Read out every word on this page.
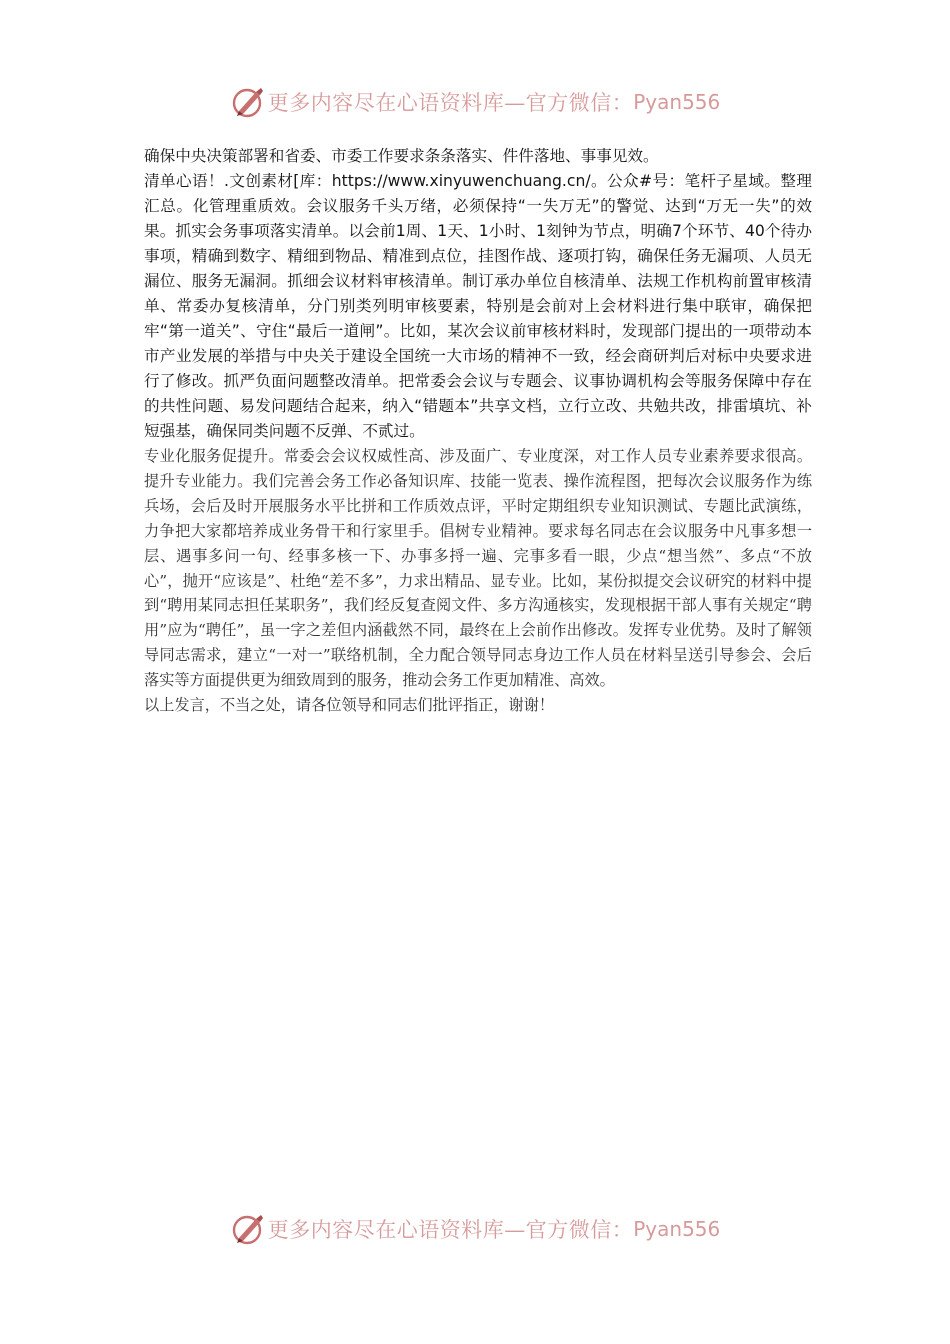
更多内容尽在心语资料库—官方微信： Pyan556

确保中央决策部署和省委、市委工作要求条条落实、件件落地、事事见效。

清单心语！.文创素材[库：https://www.xinyuwenchuang.cn/。公众#号：笔杆子星域。整理汇总。化管理重质效。会议服务千头万绪，必须保持“一失万无”的警觉、达到“万无一失”的效果。抓实会务事项落实清单。以会前1周、1天、1小时、1刻钟为节点，明确7个环节、40个待办事项，精确到数字、精细到物品、精准到点位，挂图作战、逐项打钩，确保任务无漏项、人员无漏位、服务无漏洞。抓细会议材料审核清单。制订承办单位自核清单、法规工作机构前置审核清单、常委办复核清单，分门别类列明审核要素，特别是会前对上会材料进行集中联审，确保把牢“第一道关”、守住“最后一道闸”。比如，某次会议前审核材料时，发现部门提出的一项带动本市产业发展的举措与中央关于建设全国统一大市场的精神不一致，经会商研判后对标中央要求进行了修改。抓严负面问题整改清单。把常委会会议与专题会、议事协调机构会等服务保障中存在的共性问题、易发问题结合起来，纳入“错题本”共享文档，立行立改、共勉共改，排雷填坑、补短强基，确保同类问题不反弹、不贰过。

专业化服务促提升。常委会会议权威性高、涉及面广、专业度深，对工作人员专业素养要求很高。提升专业能力。我们完善会务工作必备知识库、技能一览表、操作流程图，把每次会议服务作为练兵场，会后及时开展服务水平比拼和工作质效点评，平时定期组织专业知识测试、专题比武演练，力争把大家都培养成业务骨干和行家里手。倡树专业精神。要求每名同志在会议服务中凡事多想一层、遇事多问一句、经事多核一下、办事多捋一遍、完事多看一眼，少点“想当然”、多点“不放心”，抛开“应该是”、杜绝“差不多”，力求出精品、显专业。比如，某份拟提交会议研究的材料中提到“聘用某同志担任某职务”，我们经反复查阅文件、多方沟通核实，发现根据干部人事有关规定“聘用”应为“聘任”，虽一字之差但内涵截然不同，最终在上会前作出修改。发挥专业优势。及时了解领导同志需求，建立“一对一”联络机制，全力配合领导同志身边工作人员在材料呈送引导参会、会后落实等方面提供更为细致周到的服务，推动会务工作更加精准、高效。

以上发言，不当之处，请各位领导和同志们批评指正，谢谢！

更多内容尽在心语资料库—官方微信： Pyan556
